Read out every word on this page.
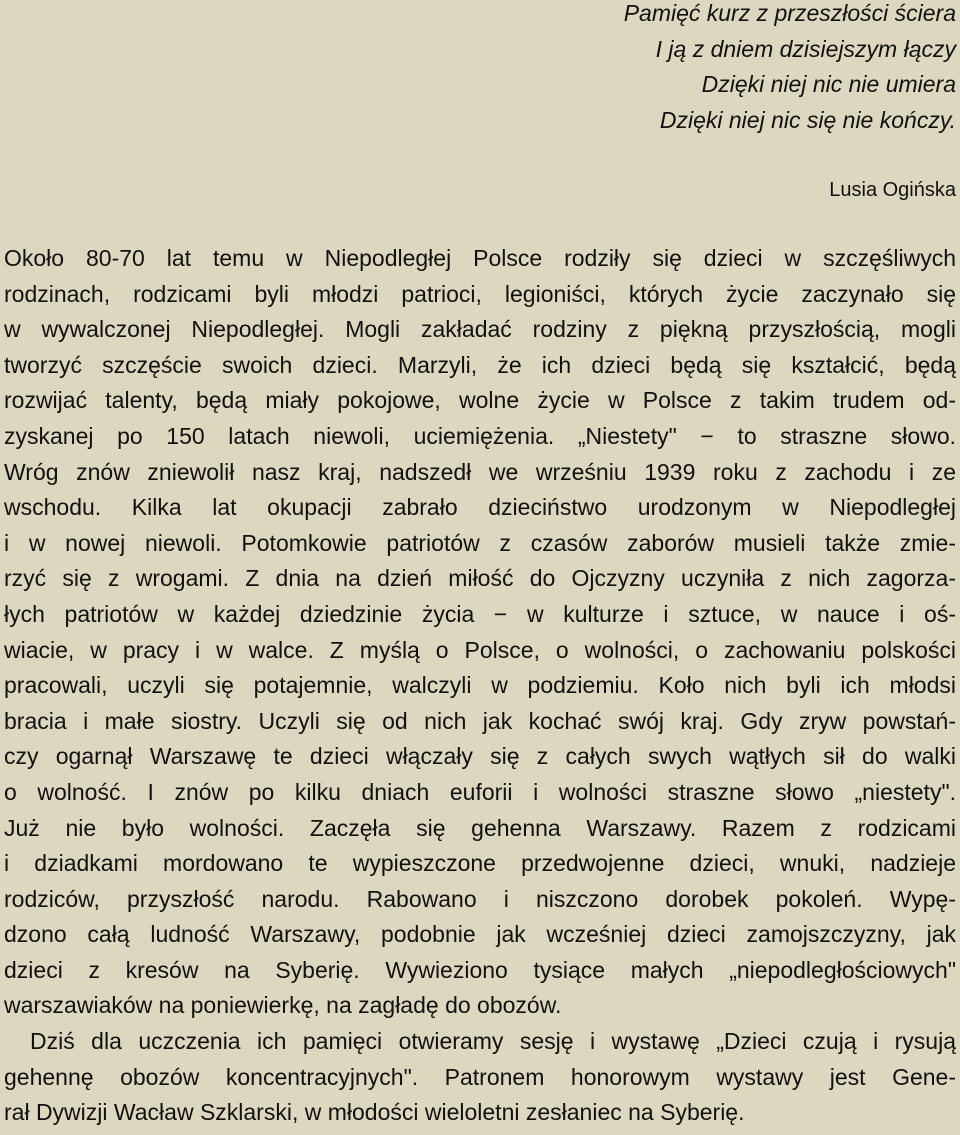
Pamięć kurz z przeszłości ściera
I ją z dniem dzisiejszym łączy
Dzięki niej nic nie umiera
Dzięki niej nic się nie kończy.
Lusia Ogińska
Około 80-70 lat temu w Niepodległej Polsce rodziły się dzieci w szczęśliwych
rodzinach, rodzicami byli młodzi patrioci, legioniści, których życie zaczynało się
w wywalczonej Niepodległej. Mogli zakładać rodziny z piękną przyszłością, mogli
tworzyć szczęście swoich dzieci. Marzyli, że ich dzieci będą się kształcić, będą
rozwijać talenty, będą miały pokojowe, wolne życie w Polsce z takim trudem od-
zyskanej po 150 latach niewoli, uciemiężenia. „Niestety" − to straszne słowo.
Wróg znów zniewolił nasz kraj, nadszedł we wrześniu 1939 roku z zachodu i ze
wschodu. Kilka lat okupacji zabrało dzieciństwo urodzonym w Niepodległej
i w nowej niewoli. Potomkowie patriotów z czasów zaborów musieli także zmie-
rzyć się z wrogami. Z dnia na dzień miłość do Ojczyzny uczyniła z nich zagorza-
łych patriotów w każdej dziedzinie życia − w kulturze i sztuce, w nauce i oś-
wiacie, w pracy i w walce. Z myślą o Polsce, o wolności, o zachowaniu polskości
pracowali, uczyli się potajemnie, walczyli w podziemiu. Koło nich byli ich młodsi
bracia i małe siostry. Uczyli się od nich jak kochać swój kraj. Gdy zryw powstań-
czy ogarnął Warszawę te dzieci włączały się z całych swych wątłych sił do walki
o wolność. I znów po kilku dniach euforii i wolności straszne słowo „niestety".
Już nie było wolności. Zaczęła się gehenna Warszawy. Razem z rodzicami
i dziadkami mordowano te wypieszczone przedwojenne dzieci, wnuki, nadzieje
rodziców, przyszłość narodu. Rabowano i niszczono dorobek pokoleń. Wypę-
dzono całą ludność Warszawy, podobnie jak wcześniej dzieci zamojszczyzny, jak
dzieci z kresów na Syberię. Wywieziono tysiące małych „niepodległościowych"
warszawiaków na poniewierkę, na zagładę do obozów.
Dziś dla uczczenia ich pamięci otwieramy sesję i wystawę „Dzieci czują i rysują
gehennę obozów koncentracyjnych". Patronem honorowym wystawy jest Gene-
rał Dywizji Wacław Szklarski, w młodości wieloletni zesłaniec na Syberię.
